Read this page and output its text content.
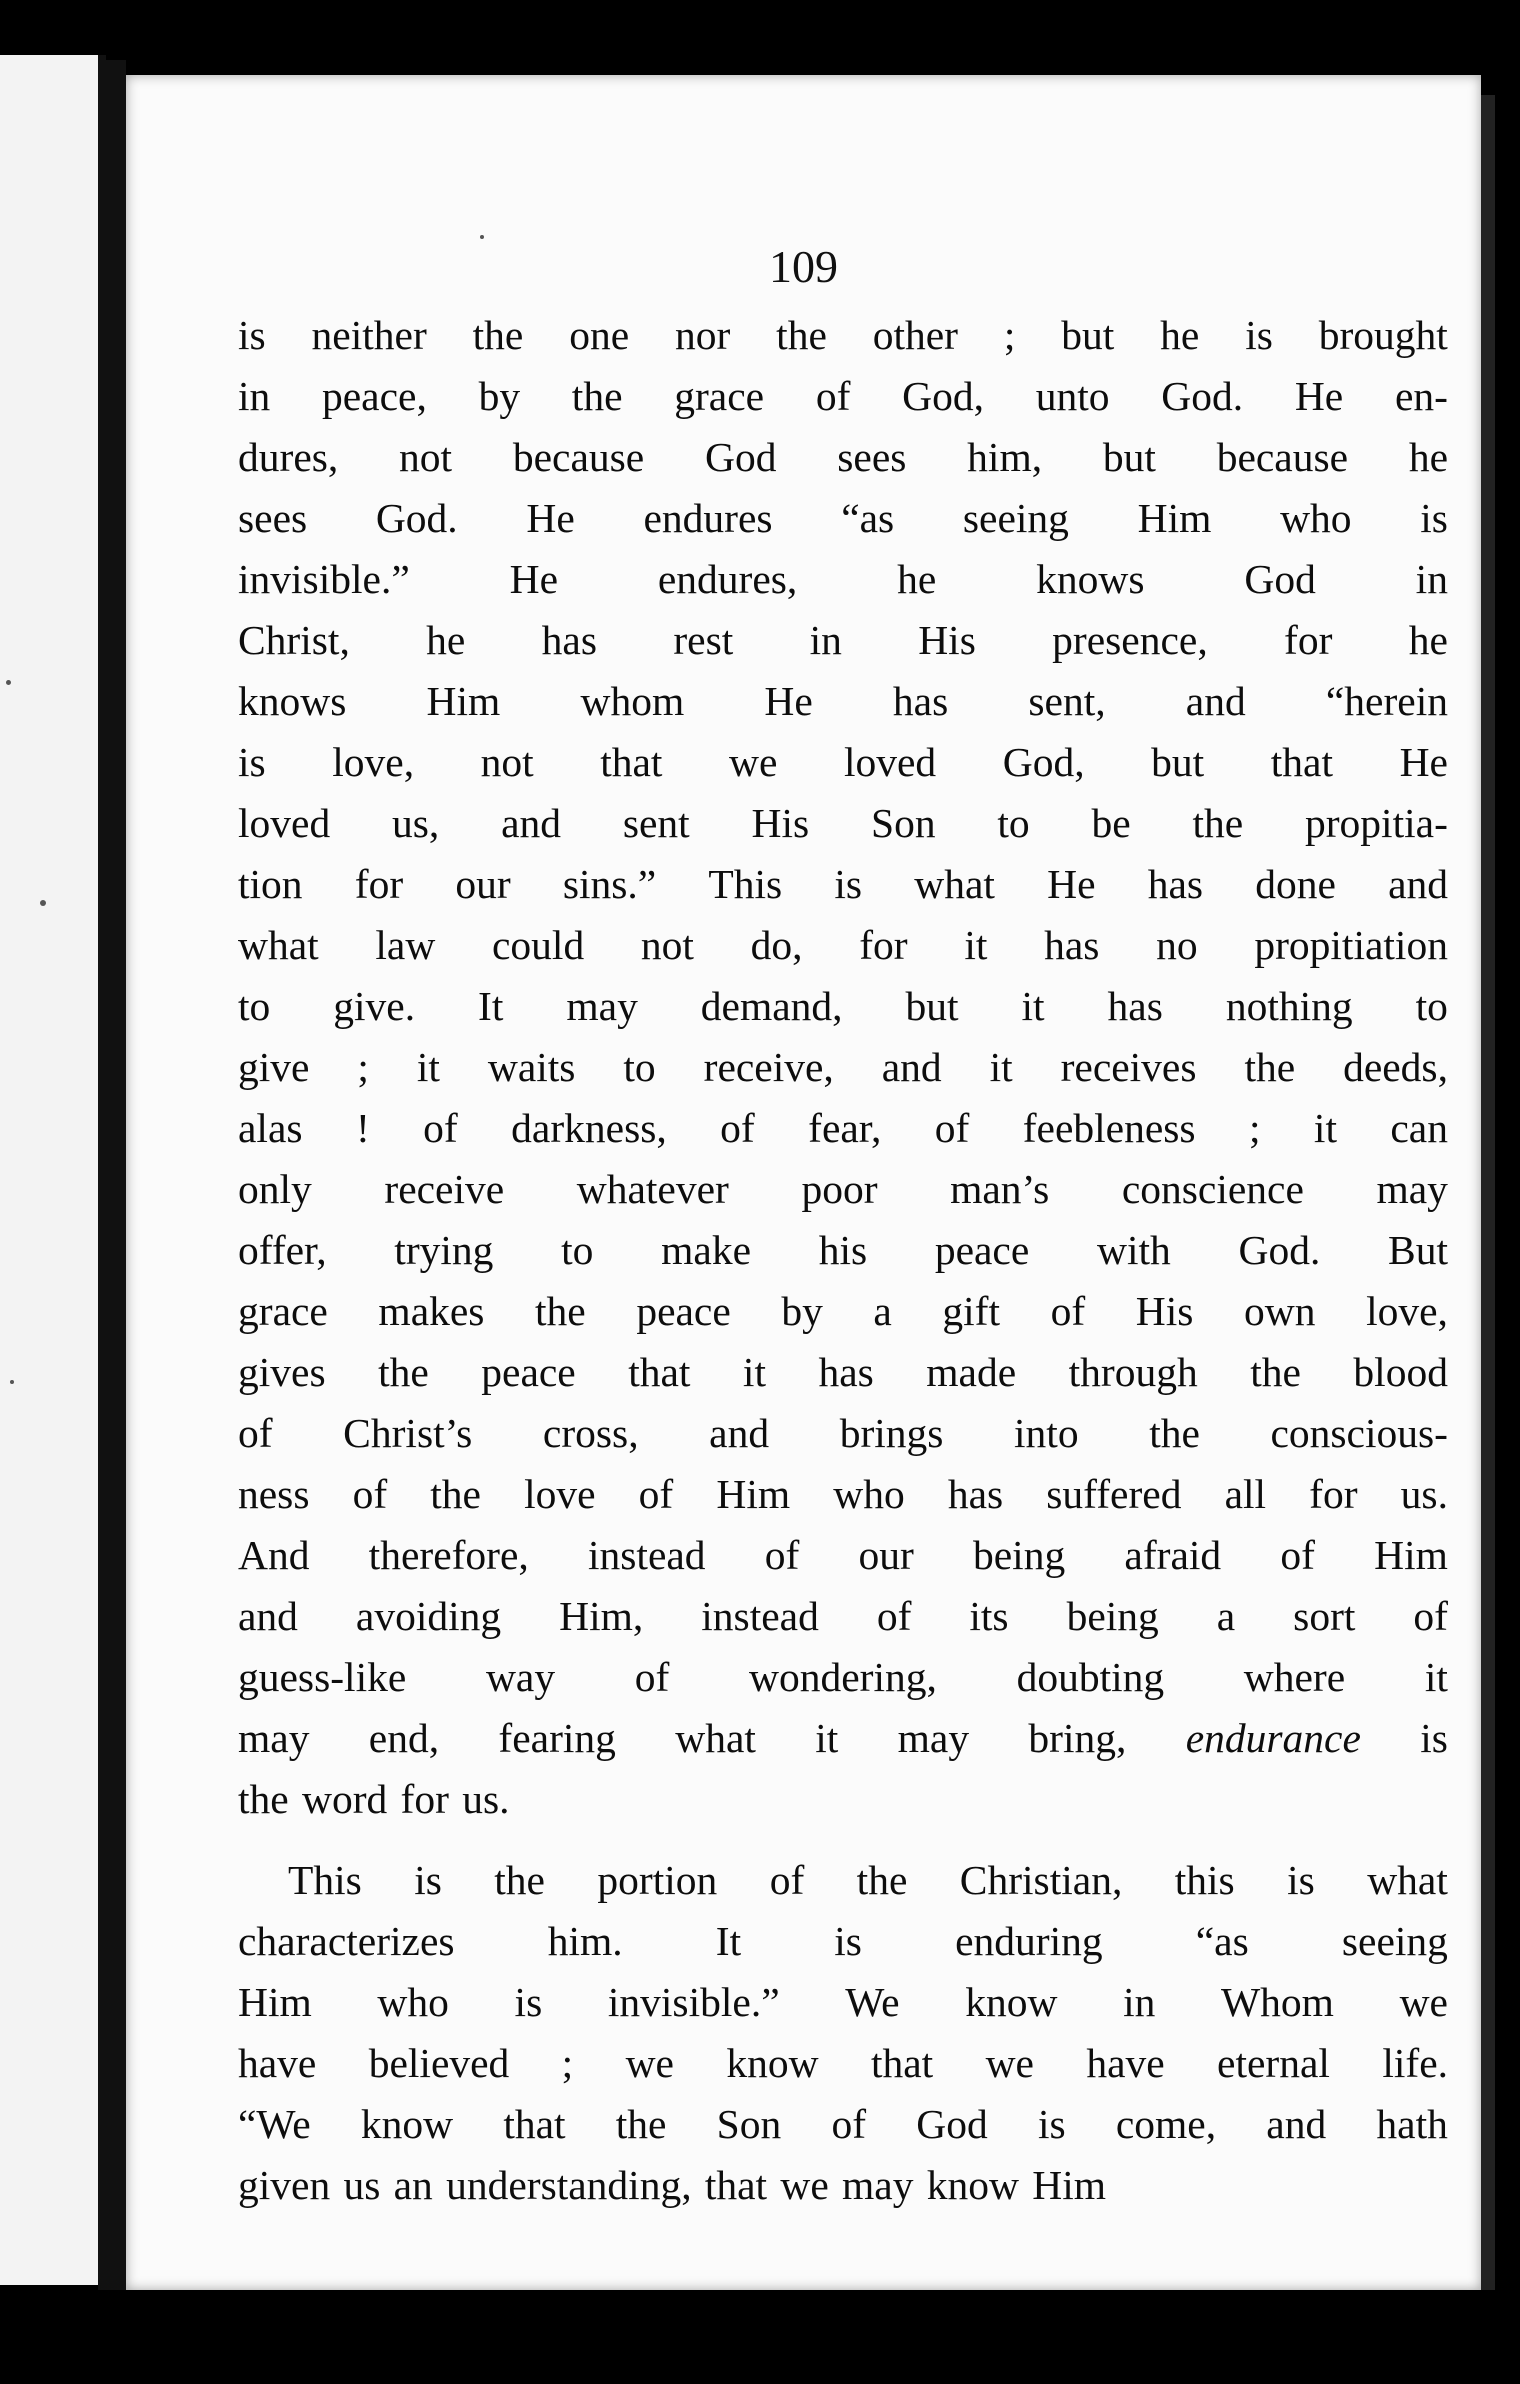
109
is neither the one nor the other ; but he is brought
in peace, by the grace of God, unto God. He en-
dures, not because God sees him, but because he
sees God. He endures “as seeing Him who is
invisible.” He endures, he knows God in
Christ, he has rest in His presence, for he
knows Him whom He has sent, and “herein
is love, not that we loved God, but that He
loved us, and sent His Son to be the propitia-
tion for our sins.” This is what He has done and
what law could not do, for it has no propitiation
to give. It may demand, but it has nothing to
give ; it waits to receive, and it receives the deeds,
alas ! of darkness, of fear, of feebleness ; it can
only receive whatever poor man’s conscience may
offer, trying to make his peace with God. But
grace makes the peace by a gift of His own love,
gives the peace that it has made through the blood
of Christ’s cross, and brings into the conscious-
ness of the love of Him who has suffered all for us.
And therefore, instead of our being afraid of Him
and avoiding Him, instead of its being a sort of
guess-like way of wondering, doubting where it
may end, fearing what it may bring, endurance is
the word for us.
This is the portion of the Christian, this is what
characterizes him. It is enduring “as seeing
Him who is invisible.” We know in Whom we
have believed ; we know that we have eternal life.
“We know that the Son of God is come, and hath
given us an understanding, that we may know Him
